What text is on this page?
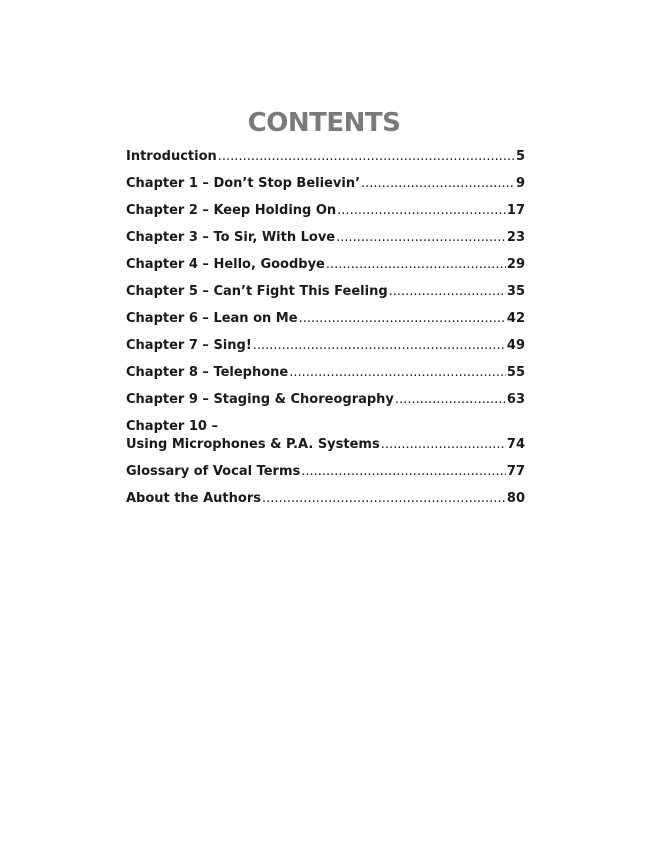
CONTENTS
Introduction .....	5
Chapter 1 – Don’t Stop Believin’ .....	9
Chapter 2 – Keep Holding On .....	17
Chapter 3 – To Sir, With Love .....	23
Chapter 4 – Hello, Goodbye .....	29
Chapter 5 – Can’t Fight This Feeling .....	35
Chapter 6 – Lean on Me .....	42
Chapter 7 – Sing! .....	49
Chapter 8 – Telephone .....	55
Chapter 9 – Staging & Choreography .....	63
Chapter 10 –
Using Microphones & P.A. Systems .....	74
Glossary of Vocal Terms .....	77
About the Authors .....	80
